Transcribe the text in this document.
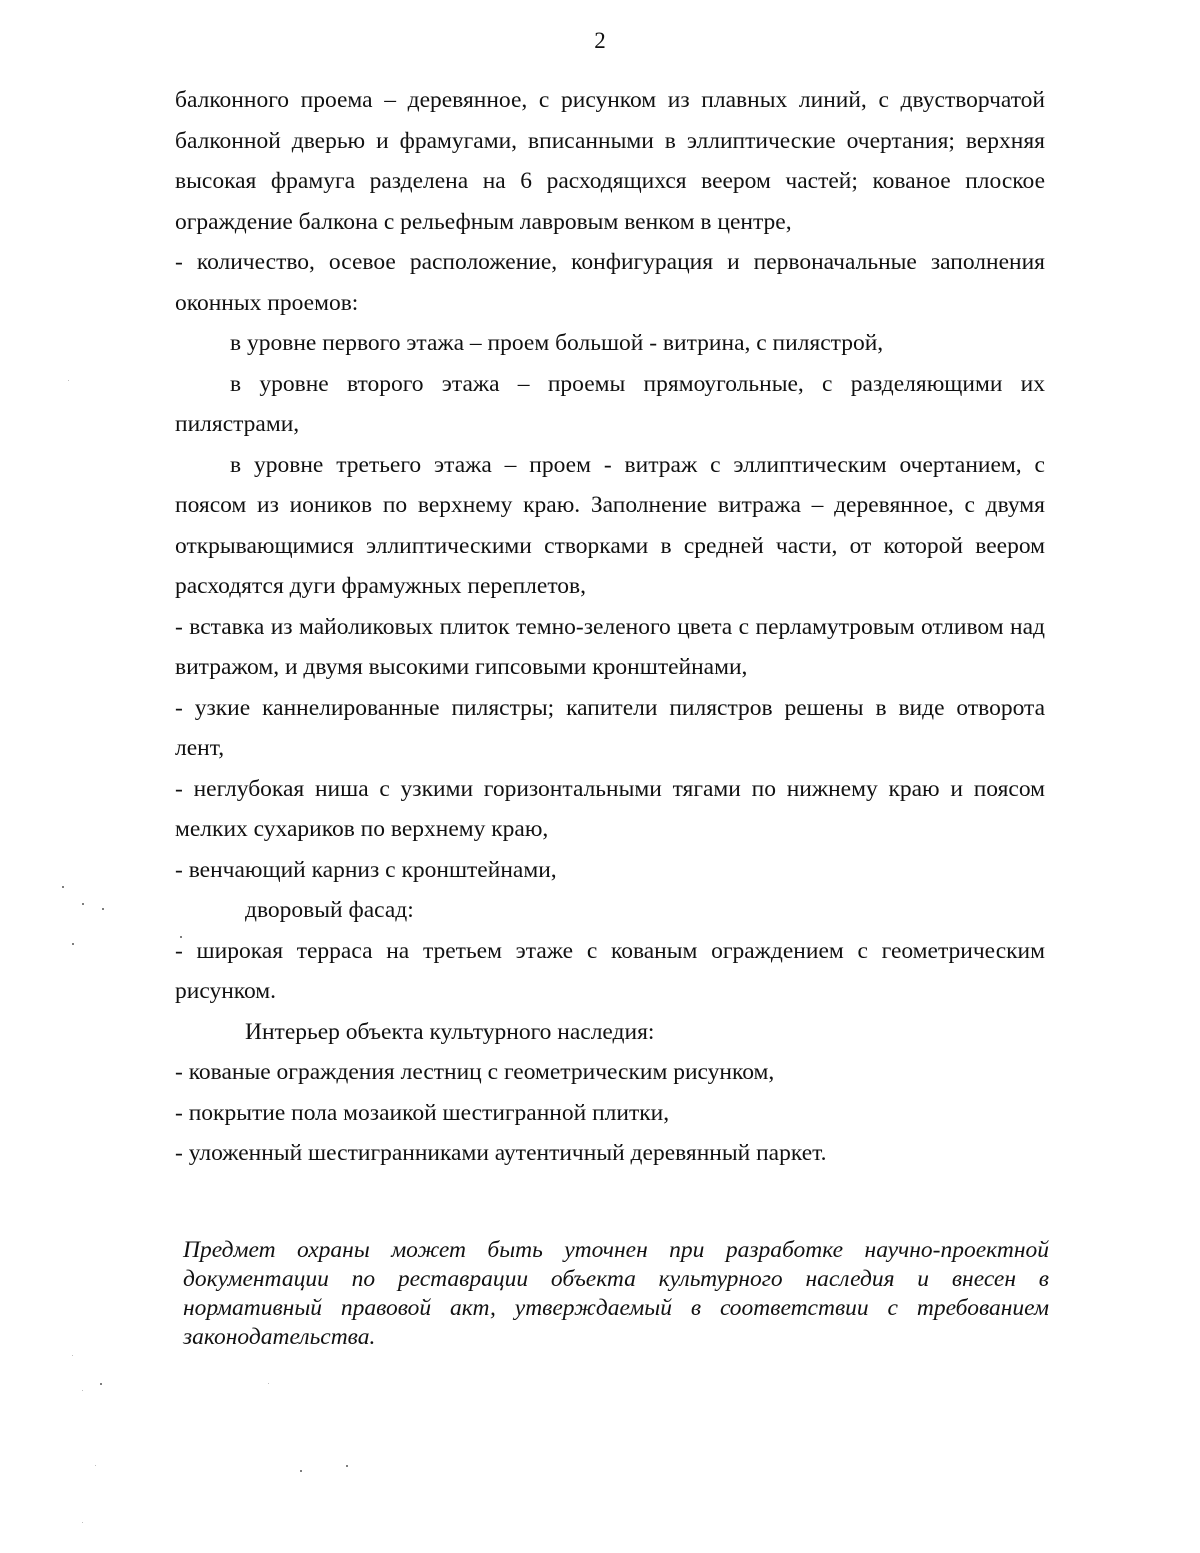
2

балконного проема – деревянное, с рисунком из плавных линий, с двустворчатой балконной дверью и фрамугами, вписанными в эллиптические очертания; верхняя высокая фрамуга разделена на 6 расходящихся веером частей; кованое плоское ограждение балкона с рельефным лавровым венком в центре,

- количество, осевое расположение, конфигурация и первоначальные заполнения оконных проемов:

в уровне первого этажа – проем большой - витрина, с пилястрой,

в уровне второго этажа – проемы прямоугольные, с разделяющими их пилястрами,

в уровне третьего этажа – проем - витраж с эллиптическим очертанием, с поясом из иоников по верхнему краю. Заполнение витража – деревянное, с двумя открывающимися эллиптическими створками в средней части, от которой веером расходятся дуги фрамужных переплетов,

- вставка из майоликовых плиток темно-зеленого цвета с перламутровым отливом над витражом, и двумя высокими гипсовыми кронштейнами,

- узкие каннелированные пилястры; капители пилястров решены в виде отворота лент,

- неглубокая ниша с узкими горизонтальными тягами по нижнему краю и поясом мелких сухариков по верхнему краю,

- венчающий карниз с кронштейнами,

дворовый фасад:

- широкая терраса на третьем этаже с кованым ограждением с геометрическим рисунком.

Интерьер объекта культурного наследия:

- кованые ограждения лестниц с геометрическим рисунком,

- покрытие пола мозаикой шестигранной плитки,

- уложенный шестигранниками аутентичный деревянный паркет.

Предмет охраны может быть уточнен при разработке научно-проектной документации по реставрации объекта культурного наследия и внесен в нормативный правовой акт, утверждаемый в соответствии с требованием законодательства.
